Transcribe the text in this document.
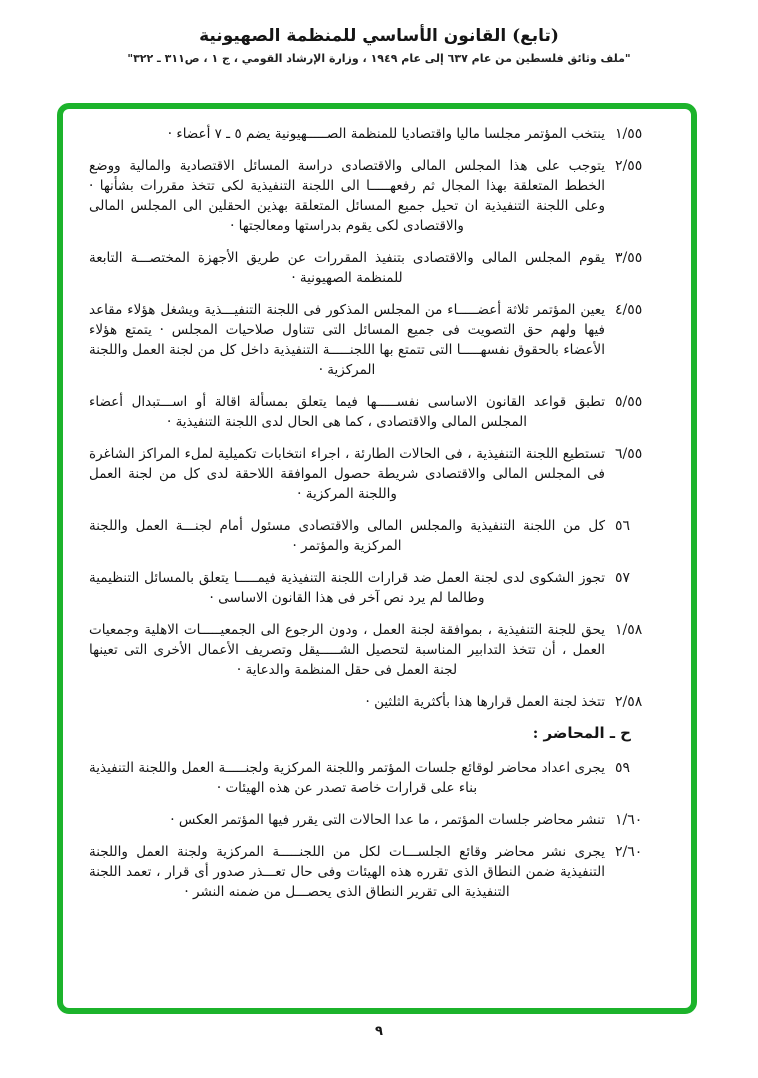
(تابع) القانون الأساسي للمنظمة الصهيونية
"ملف وثائق فلسطين من عام ٦٣٧ إلى عام ١٩٤٩ ، وزارة الإرشاد القومي ، ج ١ ، ص٣١١ ـ ٣٢٢"
١/٥٥
ينتخب المؤتمر مجلسا ماليا واقتصاديا للمنظمة الصـــــهيونية يضم ٥ ـ ٧ أعضاء ·
٢/٥٥
يتوجب على هذا المجلس المالى والاقتصادى دراسة المسائل الاقتصادية والمالية ووضع الخطط المتعلقة بهذا المجال ثم رفعهـــــا الى اللجنة التنفيذية لكى تتخذ مقررات بشأنها · وعلى اللجنة التنفيذية ان تحيل جميع المسائل المتعلقة بهذين الحقلين الى المجلس المالى والاقتصادى لكى يقوم بدراستها ومعالجتها ·
٣/٥٥
يقوم المجلس المالى والاقتصادى بتنفيذ المقررات عن طريق الأجهزة المختصـــة التابعة للمنظمة الصهيونية ·
٤/٥٥
يعين المؤتمر ثلاثة أعضـــــاء من المجلس المذكور فى اللجنة التنفيـــذية ويشغل هؤلاء مقاعد فيها ولهم حق التصويت فى جميع المسائل التى تتناول صلاحيات المجلس · يتمتع هؤلاء الأعضاء بالحقوق نفسهـــــا التى تتمتع بها اللجنـــــة التنفيذية داخل كل من لجنة العمل واللجنة المركزية ·
٥/٥٥
تطبق قواعد القانون الاساسى نفســـــها فيما يتعلق بمسألة اقالة أو اســـتبدال أعضاء المجلس المالى والاقتصادى ، كما هى الحال لدى اللجنة التنفيذية ·
٦/٥٥
تستطيع اللجنة التنفيذية ، فى الحالات الطارئة ، اجراء انتخابات تكميلية لملء المراكز الشاغرة فى المجلس المالى والاقتصادى شريطة حصول الموافقة اللاحقة لدى كل من لجنة العمل واللجنة المركزية ·
٥٦
كل من اللجنة التنفيذية والمجلس المالى والاقتصادى مسئول أمام لجنـــة العمل واللجنة المركزية والمؤتمر ·
٥٧
تجوز الشكوى لدى لجنة العمل ضد قرارات اللجنة التنفيذية فيمـــــا يتعلق بالمسائل التنظيمية وطالما لم يرد نص آخر فى هذا القانون الاساسى ·
١/٥٨
يحق للجنة التنفيذية ، بموافقة لجنة العمل ، ودون الرجوع الى الجمعيـــــات الاهلية وجمعيات العمل ، أن تتخذ التدابير المناسبة لتحصيل الشـــــيقل وتصريف الأعمال الأخرى التى تعينها لجنة العمل فى حقل المنظمة والدعاية ·
٢/٥٨
تتخذ لجنة العمل قرارها هذا بأكثرية الثلثين ·
ح ـ المحاضر :
٥٩
يجرى اعداد محاضر لوقائع جلسات المؤتمر واللجنة المركزية ولجنـــــة العمل واللجنة التنفيذية بناء على قرارات خاصة تصدر عن هذه الهيئات ·
١/٦٠
تنشر محاضر جلسات المؤتمر ، ما عدا الحالات التى يقرر فيها المؤتمر العكس ·
٢/٦٠
يجرى نشر محاضر وقائع الجلســـات لكل من اللجنـــــة المركزية ولجنة العمل واللجنة التنفيذية ضمن النطاق الذى تقرره هذه الهيئات وفى حال تعـــذر صدور أى قرار ، تعمد اللجنة التنفيذية الى تقرير النطاق الذى يحصـــل من ضمنه النشر ·
٩
